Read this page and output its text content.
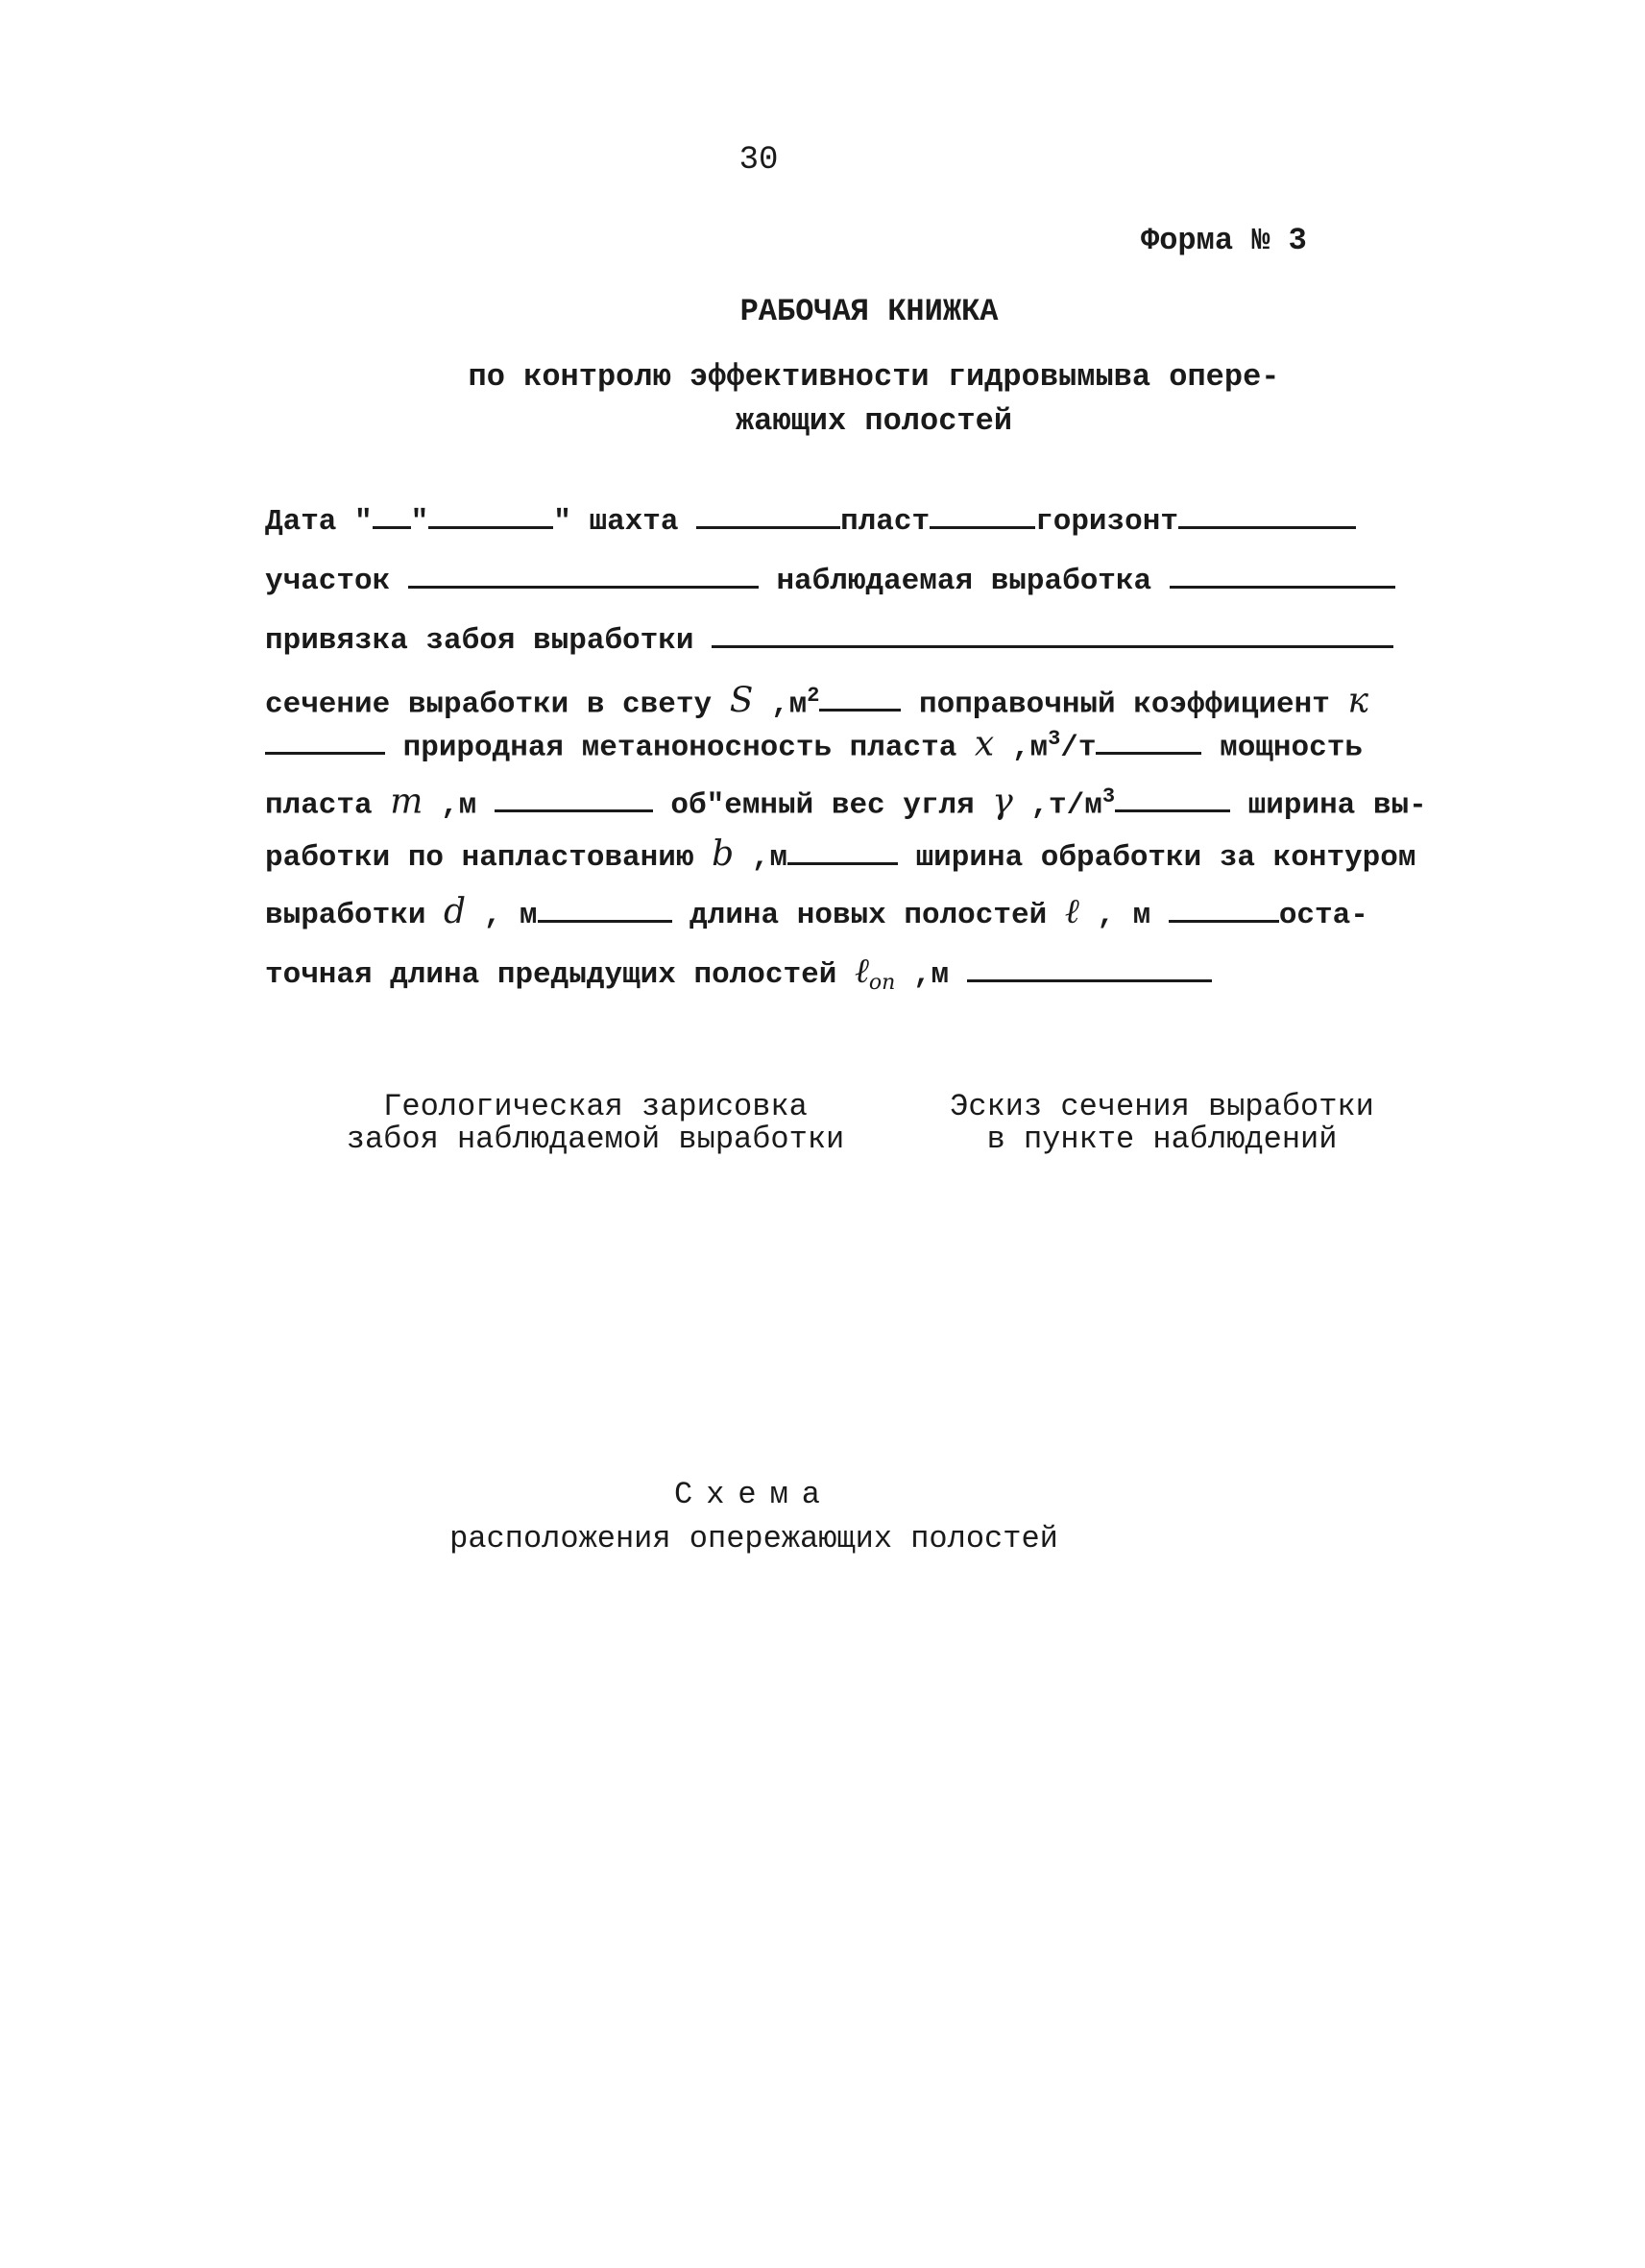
30
Форма № 3
РАБОЧАЯ КНИЖКА
по контролю эффективности гидровымыва опере-
жающих полостей
Дата " "	" шахта	пласт	горизонт
участок	наблюдаемая выработка
привязка забоя выработки
сечение выработки в свету S $,м^2$	поправочный коэффициент к
природная метаноносность пласта x $,м^3/т$	мощность
пласта m ,м	об"емный вес угля γ $,т/м^3$	ширина вы-
работки по напластованию b ,м	ширина обработки за контуром
выработки d , м	длина новых полостей ℓ , м	оста-
точная длина предыдущих полостей ℓ$_{оп}$ ,м
Геологическая зарисовка
забоя наблюдаемой выработки
Эскиз сечения выработки
в пункте наблюдений
Схема
расположения опережающих полостей
